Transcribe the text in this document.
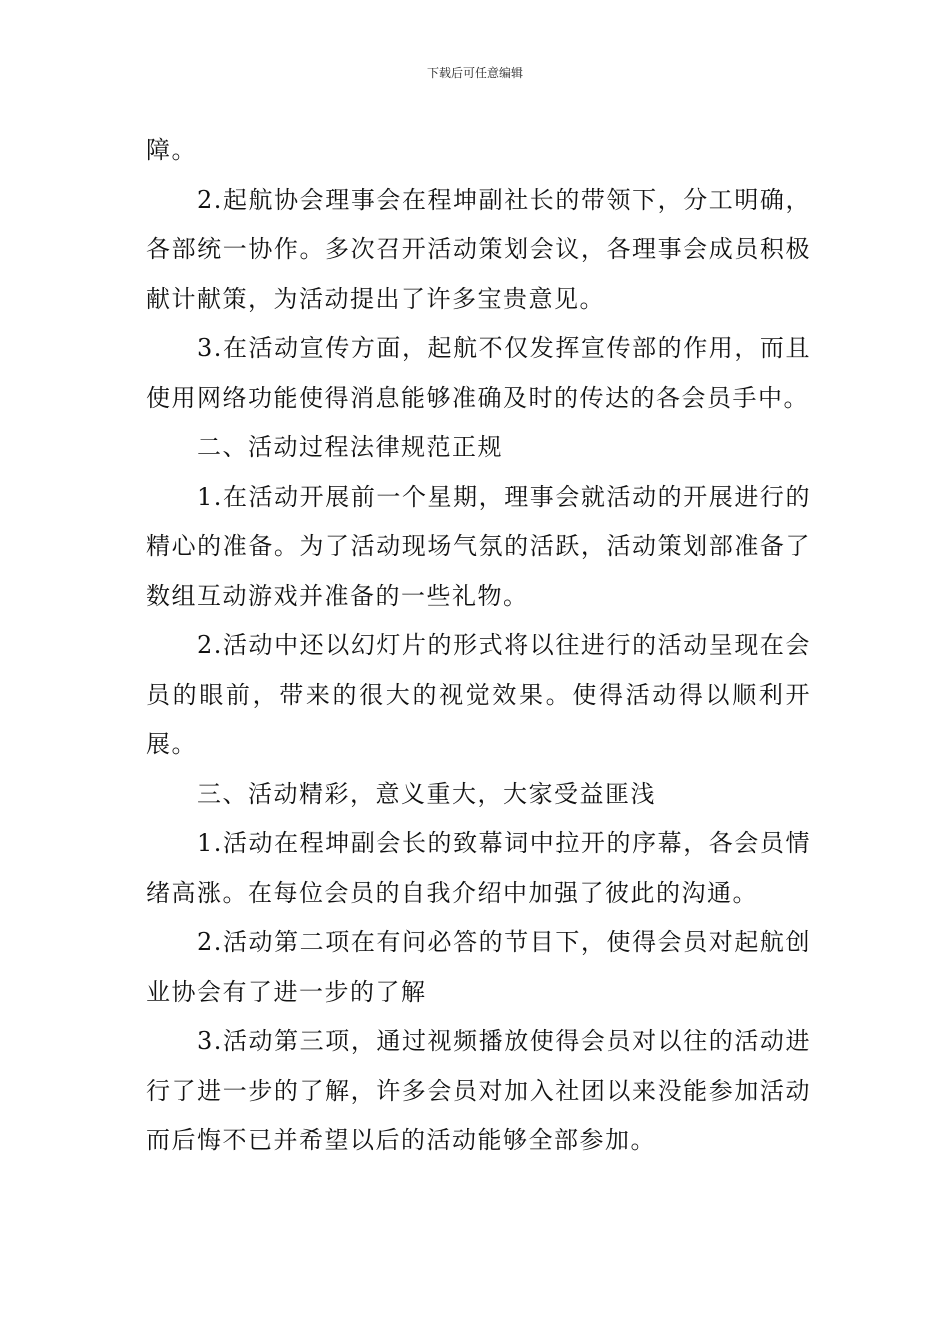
下载后可任意编辑

障。

2.起航协会理事会在程坤副社长的带领下，分工明确，各部统一协作。多次召开活动策划会议，各理事会成员积极献计献策，为活动提出了许多宝贵意见。

3.在活动宣传方面，起航不仅发挥宣传部的作用，而且使用网络功能使得消息能够准确及时的传达的各会员手中。

二、活动过程法律规范正规

1.在活动开展前一个星期，理事会就活动的开展进行的精心的准备。为了活动现场气氛的活跃，活动策划部准备了数组互动游戏并准备的一些礼物。

2.活动中还以幻灯片的形式将以往进行的活动呈现在会员的眼前，带来的很大的视觉效果。使得活动得以顺利开展。

三、活动精彩，意义重大，大家受益匪浅

1.活动在程坤副会长的致幕词中拉开的序幕，各会员情绪高涨。在每位会员的自我介绍中加强了彼此的沟通。

2.活动第二项在有问必答的节目下，使得会员对起航创业协会有了进一步的了解

3.活动第三项，通过视频播放使得会员对以往的活动进行了进一步的了解，许多会员对加入社团以来没能参加活动而后悔不已并希望以后的活动能够全部参加。
